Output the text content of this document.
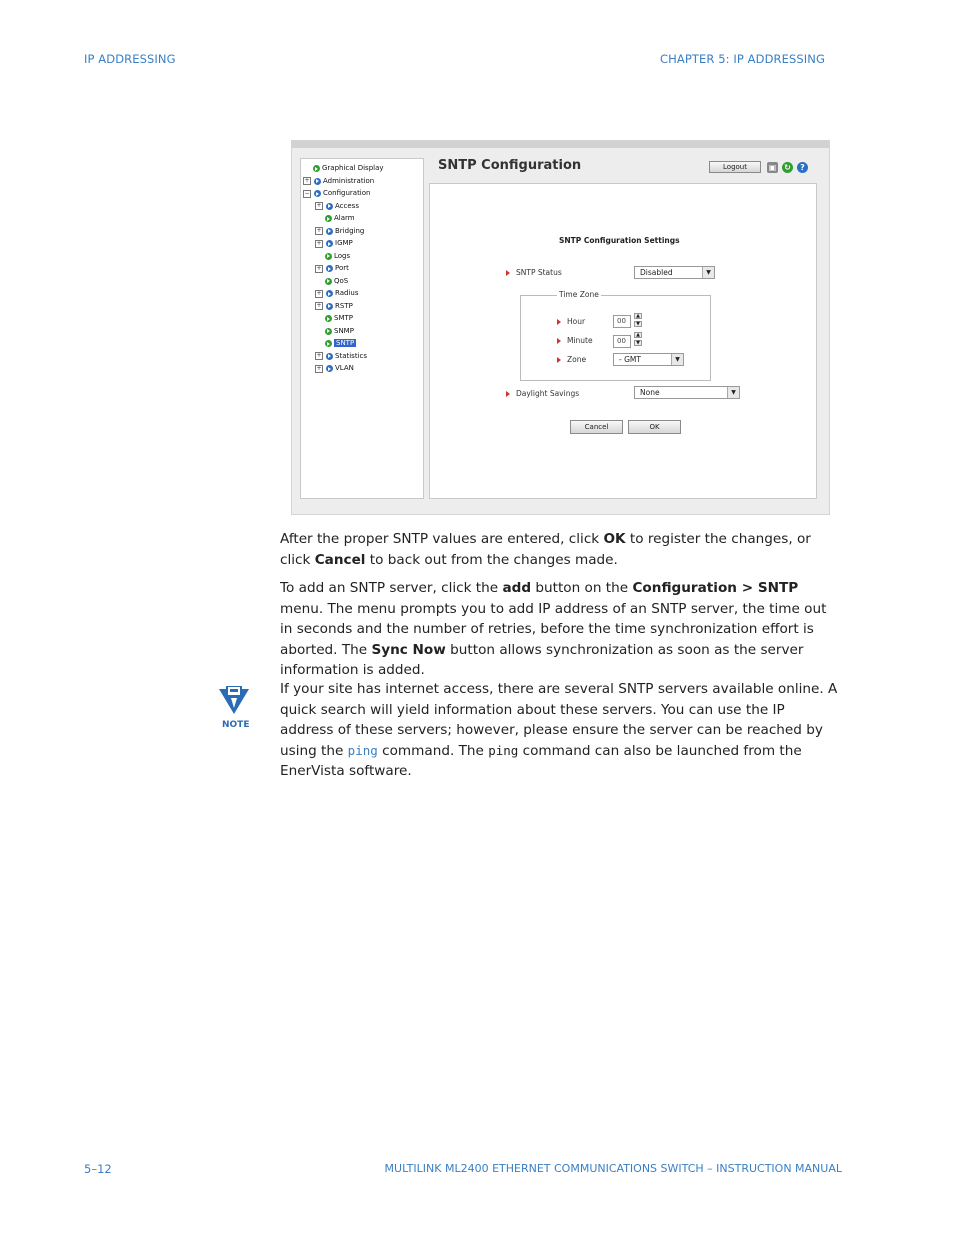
IP ADDRESSING	CHAPTER 5: IP ADDRESSING
Graphical Display
+ Administration
− Configuration
+ Access
Alarm
+ Bridging
+ IGMP
Logs
+ Port
QoS
+ Radius
+ RSTP
SMTP
SNMP
SNTP
+ Statistics
+ VLAN
SNTP Configuration	Logout	▣ ↻	?
SNTP Configuration Settings
SNTP Status	Disabled	▼
Time Zone
Hour	00
▲
▼
Minute	00
▲
▼
Zone	- GMT	▼
Daylight Savings	None	▼
Cancel	OK

After the proper SNTP values are entered, click OK to register the changes, or click Cancel to back out from the changes made.

To add an SNTP server, click the add button on the Configuration > SNTP menu. The menu prompts you to add IP address of an SNTP server, the time out in seconds and the number of retries, before the time synchronization effort is aborted. The Sync Now button allows synchronization as soon as the server information is added.

NOTE

If your site has internet access, there are several SNTP servers available online. A quick search will yield information about these servers. You can use the IP address of these servers; however, please ensure the server can be reached by using the ping command. The ping command can also be launched from the EnerVista software.

5–12	MULTILINK ML2400 ETHERNET COMMUNICATIONS SWITCH – INSTRUCTION MANUAL
